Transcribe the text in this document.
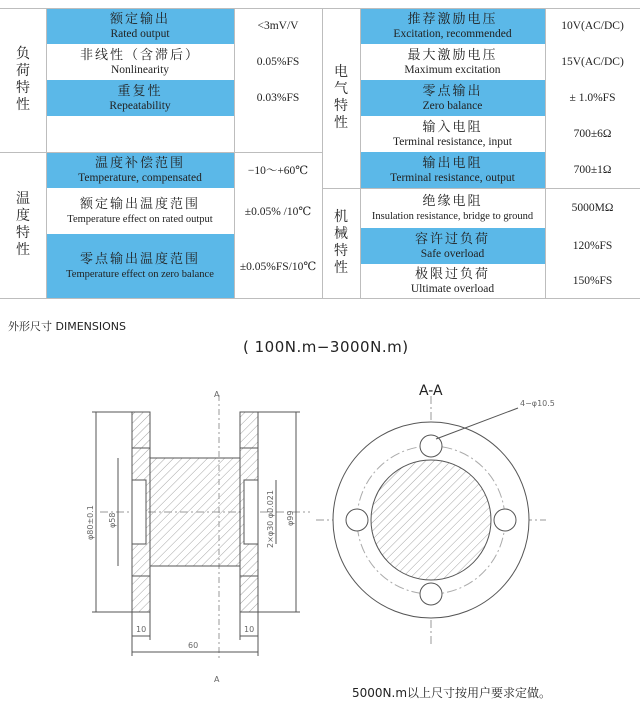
负荷特性
温度特性
电气特性
机械特性
额定输出
Rated output
<3mV/V
非线性（含滞后）
Nonlinearity
0.05%FS
重复性
Repeatability
0.03%FS
温度补偿范围
Temperature, compensated
−10～+60℃
额定输出温度范围
Temperature effect on rated output
±0.05% /10℃
零点输出温度范围
Temperature effect on zero balance
±0.05%FS/10℃
推荐激励电压
Excitation, recommended
10V(AC/DC)
最大激励电压
Maximum excitation
15V(AC/DC)
零点输出
Zero balance
± 1.0%FS
输入电阻
Terminal resistance, input
700±6Ω
输出电阻
Terminal resistance, output
700±1Ω
绝缘电阻
Insulation resistance, bridge to ground
5000MΩ
容许过负荷
Safe overload
120%FS
极限过负荷
Ultimate overload
150%FS
外形尺寸 DIMENSIONS
( 100N.m−3000N.m)
A
A
φ80±0.1 φ58	2×φ30 φ0.021 φ99
10	10
60
A-A
4−φ10.5
5000N.m以上尺寸按用户要求定做。
